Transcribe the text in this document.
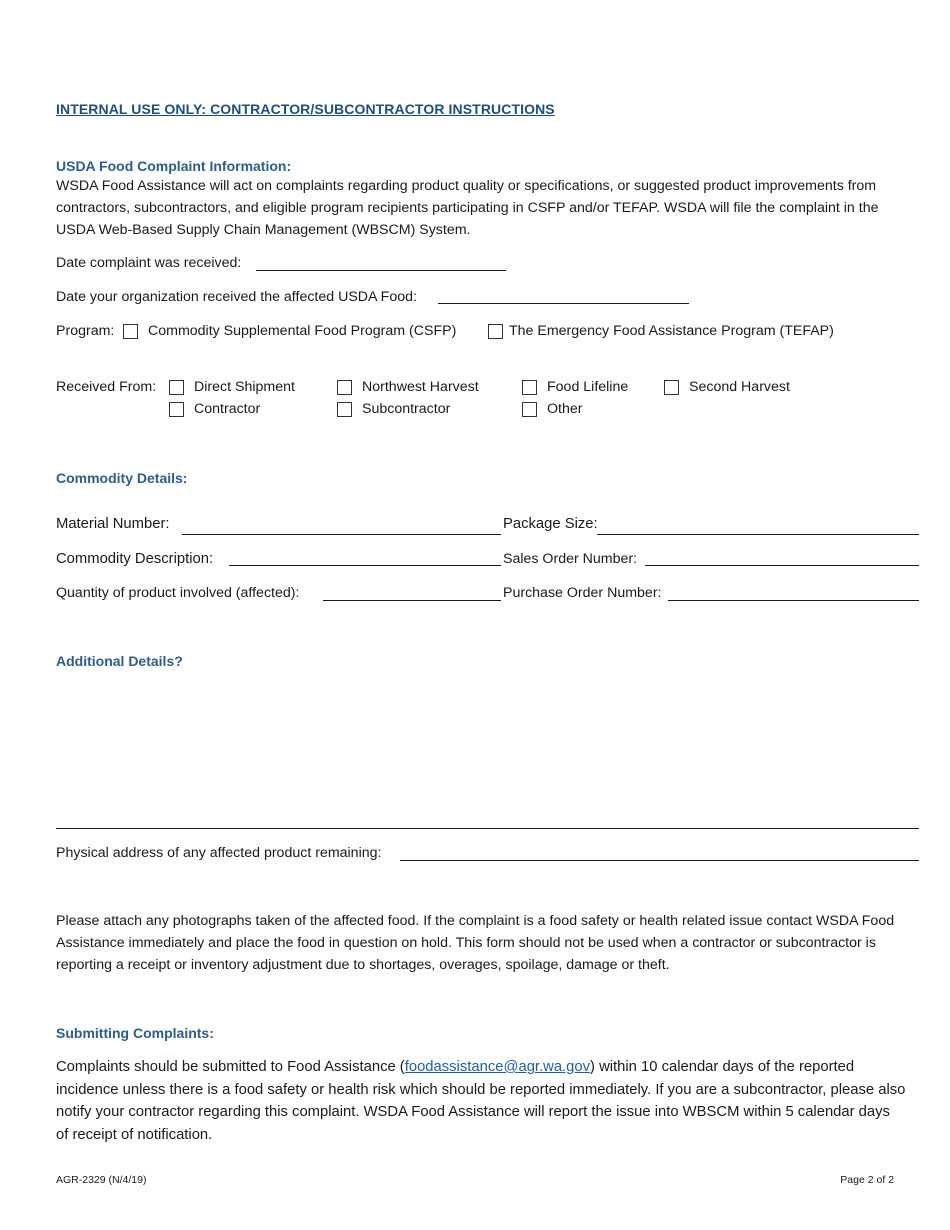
INTERNAL USE ONLY: CONTRACTOR/SUBCONTRACTOR INSTRUCTIONS
USDA Food Complaint Information:
WSDA Food Assistance will act on complaints regarding product quality or specifications, or suggested product improvements from contractors, subcontractors, and eligible program recipients participating in CSFP and/or TEFAP. WSDA will file the complaint in the USDA Web-Based Supply Chain Management (WBSCM) System.
Date complaint was received:
Date your organization received the affected USDA Food:
Program: Commodity Supplemental Food Program (CSFP)	The Emergency Food Assistance Program (TEFAP)
Received From:	Direct Shipment	Northwest Harvest	Food Lifeline	Second Harvest
Contractor	Subcontractor	Other
Commodity Details:
Material Number:	Package Size:
Commodity Description:	Sales Order Number:
Quantity of product involved (affected):	Purchase Order Number:
Additional Details?
Physical address of any affected product remaining:
Please attach any photographs taken of the affected food. If the complaint is a food safety or health related issue contact WSDA Food Assistance immediately and place the food in question on hold. This form should not be used when a contractor or subcontractor is reporting a receipt or inventory adjustment due to shortages, overages, spoilage, damage or theft.
Submitting Complaints:
Complaints should be submitted to Food Assistance (foodassistance@agr.wa.gov) within 10 calendar days of the reported incidence unless there is a food safety or health risk which should be reported immediately. If you are a subcontractor, please also notify your contractor regarding this complaint. WSDA Food Assistance will report the issue into WBSCM within 5 calendar days of receipt of notification.
AGR-2329 (N/4/19)	Page 2 of 2
